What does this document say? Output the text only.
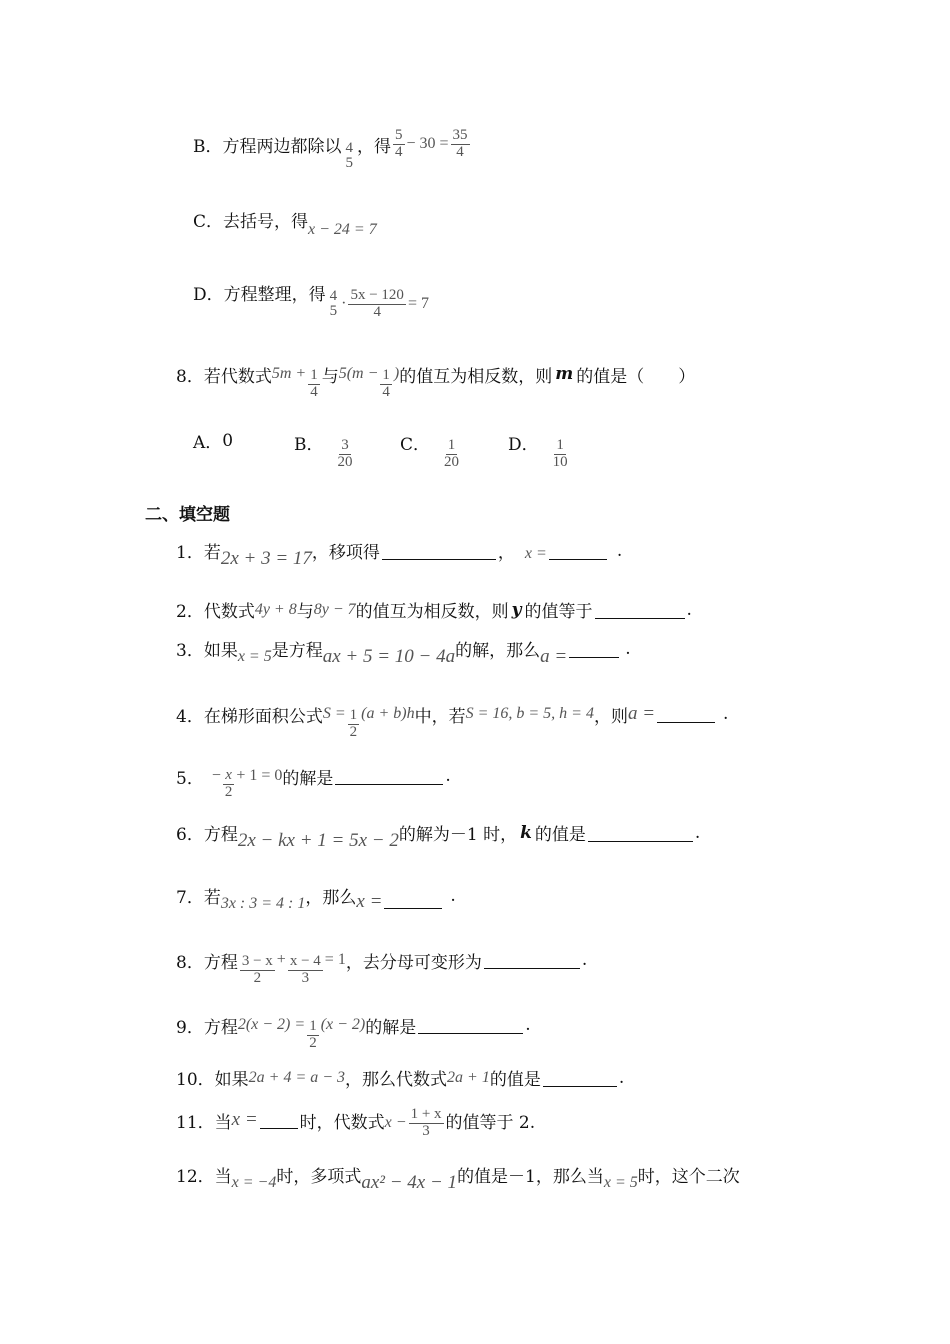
B． 方程两边都除以 4
5
，得 $\frac{5}{4} - 30 = \frac{35}{4}$
C． 去括号，得 x − 24 = 7
D． 方程整理，得 4
$5 \cdot \frac{5x - 120}{4} = 7$
8． 若代数式 $5m + \frac{1}{4}$ 与 $5(m - \frac{1}{4}$ ) 的值互为相反数，则 m 的值是（　　）
A． 0	B． $\frac{3}{20}$	C． $\frac{1}{20}$	D． $\frac{1}{10}$
二、填空题
1． 若 2x + 3 = 17 ，移项得	， x =	.
2． 代数式 4y + 8 与 8y − 7 的值互为相反数，则 y 的值等于	.
3． 如果 x = 5 是方程 ax + 5 = 10 − 4a 的解，那么 a =	.
4． 在梯形面积公式 $S = \frac{1}{2} (a + b)h$ 中，若 S = 16, b = 5, h = 4 ，则 a =	.
5． − $\frac{x}{2} + 1 = 0$ 的解是	.
6． 方程 2x − kx + 1 = 5x − 2 的解为－1 时， k 的值是	.
7． 若 3x : 3 = 4 : 1 ，那么 x =	.
8． 方程 $\frac{3 - x}{2} + \frac{x - 4}{3} = 1$ ，去分母可变形为	.
9． 方程 $2(x - 2) = \frac{1}{2} (x - 2)$ 的解是	.
10． 如果 2a + 4 = a − 3 ，那么代数式 2a + 1 的值是	.
11． 当 x = 时，代数式 $x - \frac{1 + x}{3}$ 的值等于 2.
12． 当 x = −4 时，多项式 ax² − 4x − 1 的值是－1，那么当 x = 5 时，这个二次
